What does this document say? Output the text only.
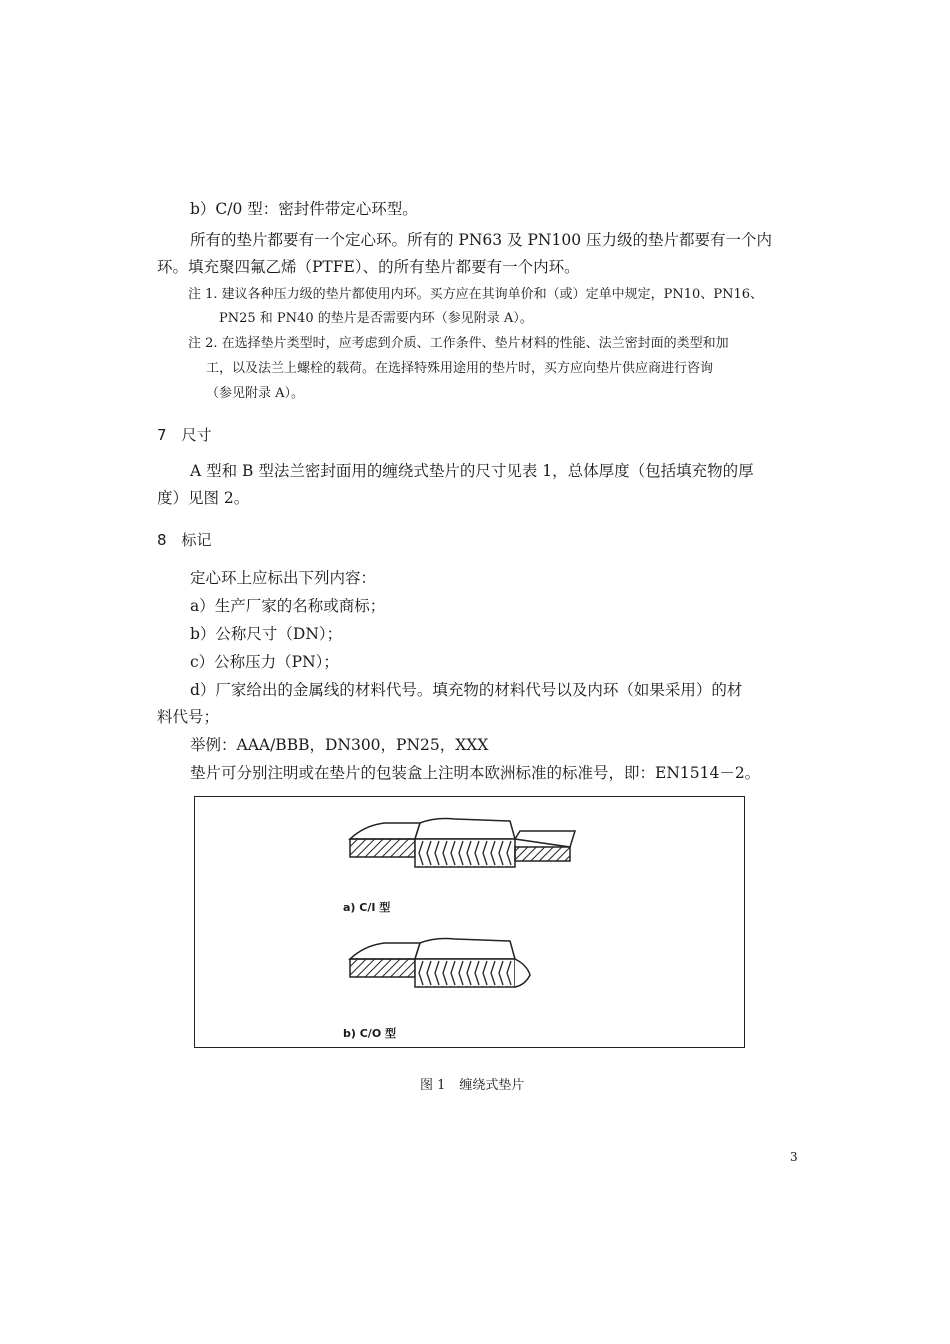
b）C/0 型：密封件带定心环型。
所有的垫片都要有一个定心环。所有的 PN63 及 PN100 压力级的垫片都要有一个内
环。填充聚四氟乙烯（PTFE）、的所有垫片都要有一个内环。
注 1. 建议各种压力级的垫片都使用内环。买方应在其询单价和（或）定单中规定，PN10、PN16、
PN25 和 PN40 的垫片是否需要内环（参见附录 A）。
注 2. 在选择垫片类型时，应考虑到介质、工作条件、垫片材料的性能、法兰密封面的类型和加
工，以及法兰上螺栓的载荷。在选择特殊用途用的垫片时，买方应向垫片供应商进行咨询
（参见附录 A）。
7　尺寸
A 型和 B 型法兰密封面用的缠绕式垫片的尺寸见表 1，总体厚度（包括填充物的厚
度）见图 2。
8　标记
定心环上应标出下列内容：
a）生产厂家的名称或商标；
b）公称尺寸（DN）；
c）公称压力（PN）；
d）厂家给出的金属线的材料代号。填充物的材料代号以及内环（如果采用）的材
料代号；
举例：AAA/BBB，DN300，PN25，XXX
垫片可分别注明或在垫片的包装盒上注明本欧洲标准的标准号，即：EN1514－2。
a) C/I 型
b) C/O 型
图 1 缠绕式垫片
3
